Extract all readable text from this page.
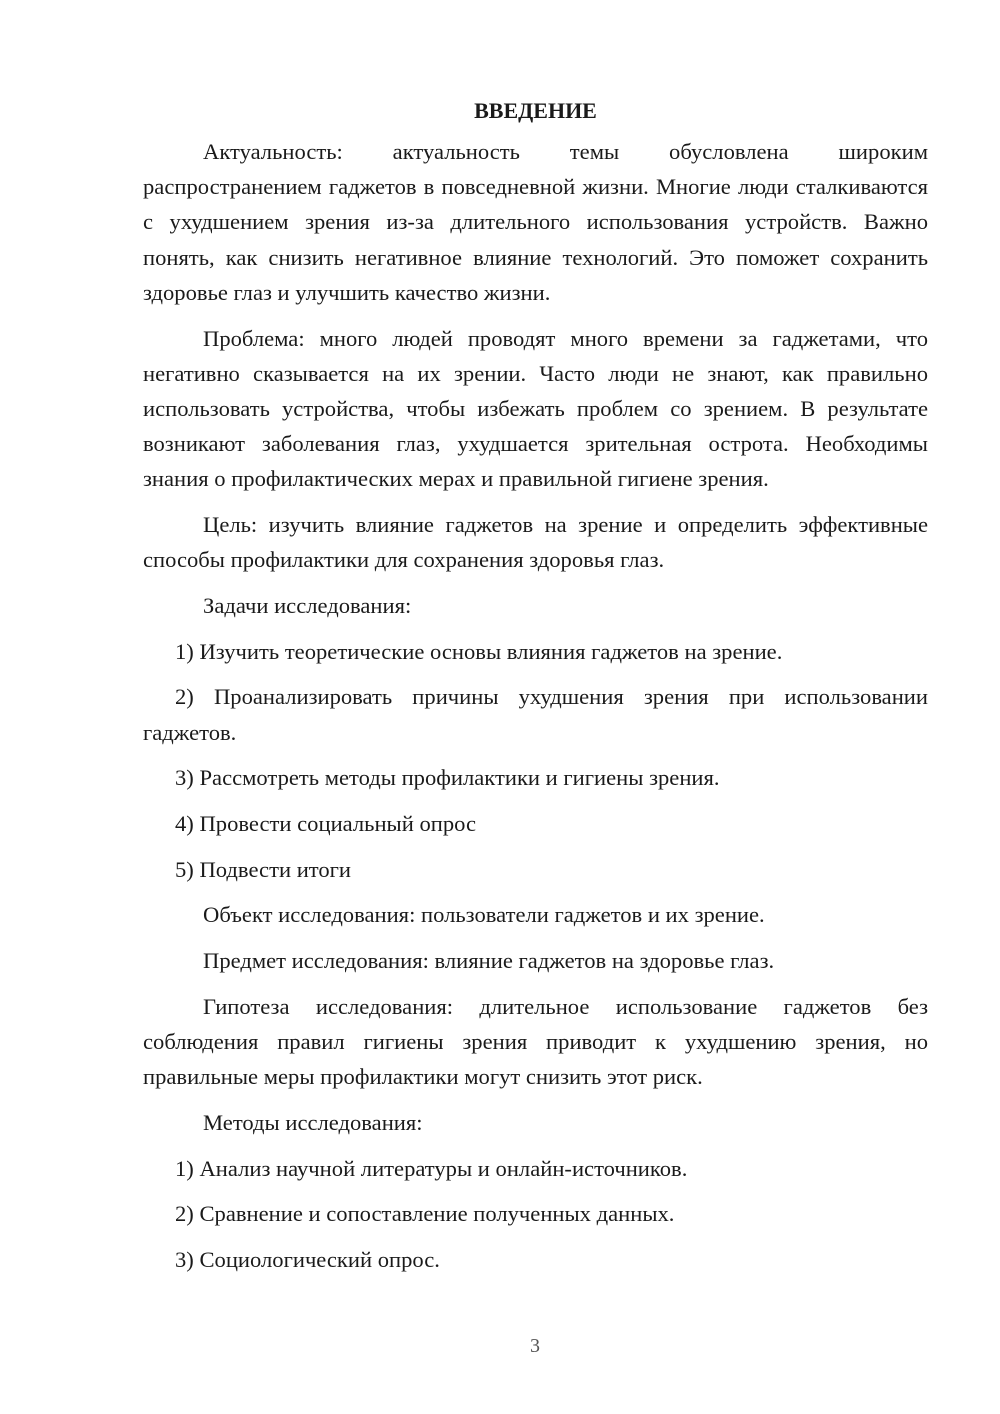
ВВЕДЕНИЕ

Актуальность: актуальность темы обусловлена широким распространением гаджетов в повседневной жизни. Многие люди сталкиваются с ухудшением зрения из-за длительного использования устройств. Важно понять, как снизить негативное влияние технологий. Это поможет сохранить здоровье глаз и улучшить качество жизни.

Проблема: много людей проводят много времени за гаджетами, что негативно сказывается на их зрении. Часто люди не знают, как правильно использовать устройства, чтобы избежать проблем со зрением. В результате возникают заболевания глаз, ухудшается зрительная острота. Необходимы знания о профилактических мерах и правильной гигиене зрения.

Цель: изучить влияние гаджетов на зрение и определить эффективные способы профилактики для сохранения здоровья глаз.

Задачи исследования:

1) Изучить теоретические основы влияния гаджетов на зрение.

2) Проанализировать причины ухудшения зрения при использовании гаджетов.

3) Рассмотреть методы профилактики и гигиены зрения.

4) Провести социальный опрос

5) Подвести итоги

Объект исследования: пользователи гаджетов и их зрение.

Предмет исследования: влияние гаджетов на здоровье глаз.

Гипотеза исследования: длительное использование гаджетов без соблюдения правил гигиены зрения приводит к ухудшению зрения, но правильные меры профилактики могут снизить этот риск.

Методы исследования:

1) Анализ научной литературы и онлайн-источников.

2) Сравнение и сопоставление полученных данных.

3) Социологический опрос.

3
